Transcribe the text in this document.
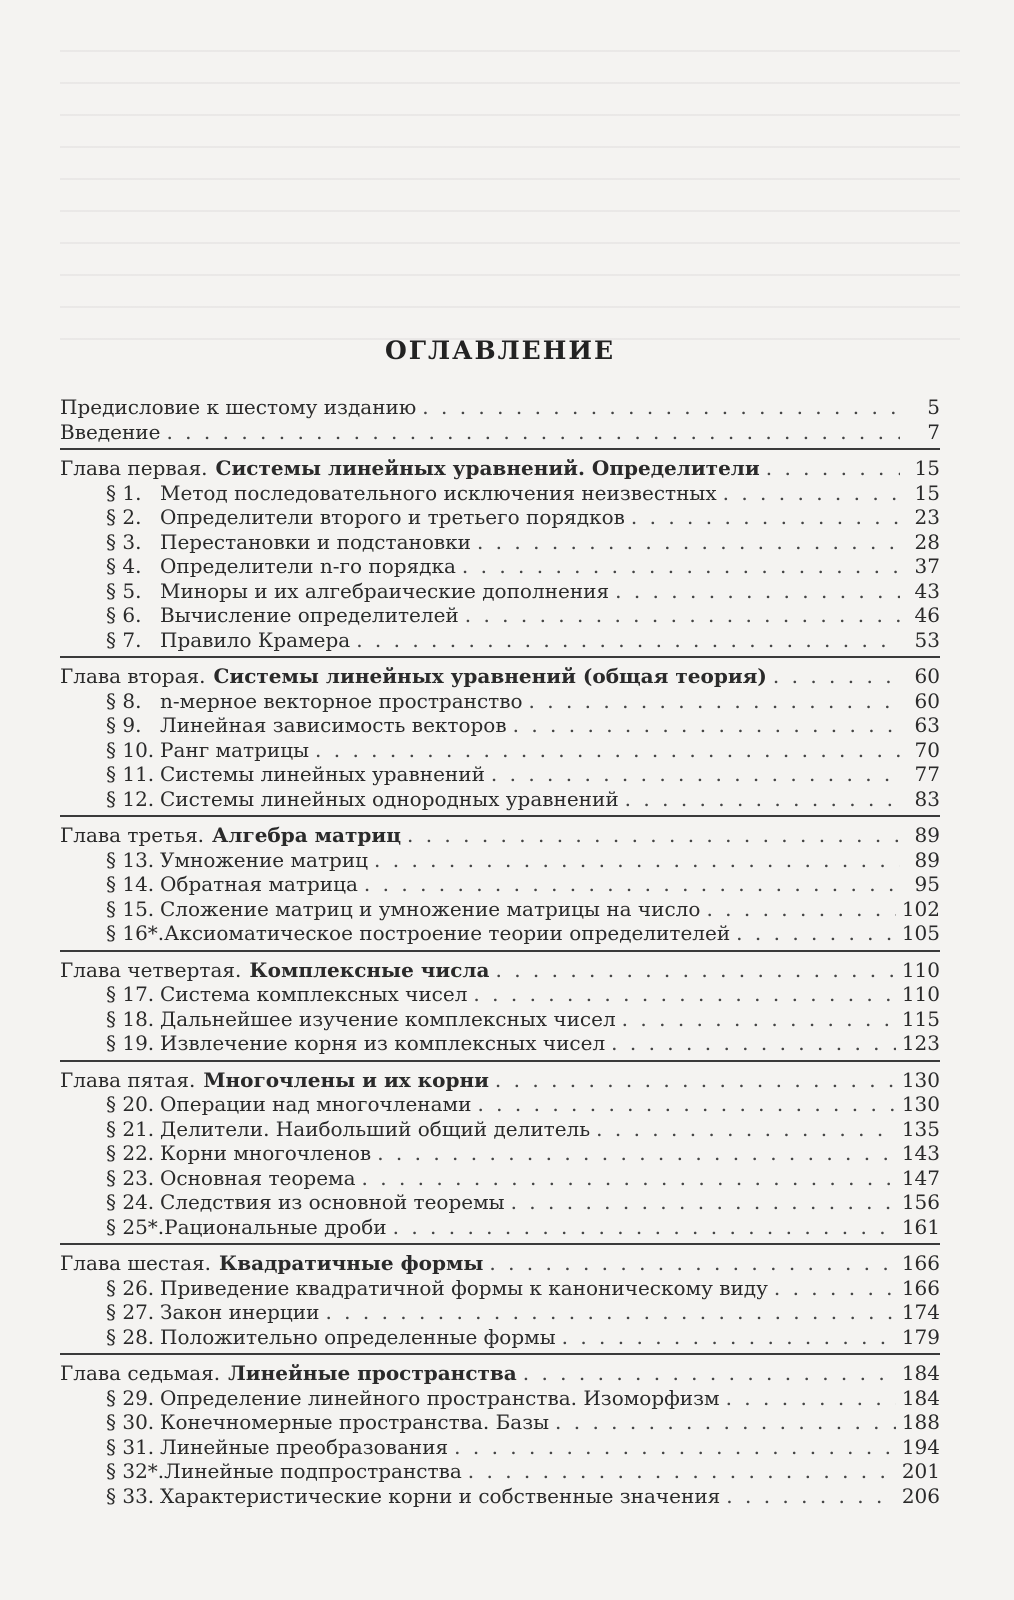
ОГЛАВЛЕНИЕ
Предисловие к шестому изданию . . .	5
Введение . . .	7
Глава первая. Системы линейных уравнений. Определители . . .	15
§ 1. Метод последовательного исключения неизвестных . . .	15
§ 2. Определители второго и третьего порядков . . .	23
§ 3. Перестановки и подстановки . . .	28
§ 4. Определители n-го порядка . . .	37
§ 5. Миноры и их алгебраические дополнения . . .	43
§ 6. Вычисление определителей . . .	46
§ 7. Правило Крамера . . .	53
Глава вторая. Системы линейных уравнений (общая теория) . . .	60
§ 8. n-мерное векторное пространство . . .	60
§ 9. Линейная зависимость векторов . . .	63
§ 10. Ранг матрицы . . .	70
§ 11. Системы линейных уравнений . . .	77
§ 12. Системы линейных однородных уравнений . . .	83
Глава третья. Алгебра матриц . . .	89
§ 13. Умножение матриц . . .	89
§ 14. Обратная матрица . . .	95
§ 15. Сложение матриц и умножение матрицы на число . . .	102
§ 16*. Аксиоматическое построение теории определителей . . .	105
Глава четвертая. Комплексные числа . . .	110
§ 17. Система комплексных чисел . . .	110
§ 18. Дальнейшее изучение комплексных чисел . . .	115
§ 19. Извлечение корня из комплексных чисел . . .	123
Глава пятая. Многочлены и их корни . . .	130
§ 20. Операции над многочленами . . .	130
§ 21. Делители. Наибольший общий делитель . . .	135
§ 22. Корни многочленов . . .	143
§ 23. Основная теорема . . .	147
§ 24. Следствия из основной теоремы . . .	156
§ 25*. Рациональные дроби . . .	161
Глава шестая. Квадратичные формы . . .	166
§ 26. Приведение квадратичной формы к каноническому виду . . .	166
§ 27. Закон инерции . . .	174
§ 28. Положительно определенные формы . . .	179
Глава седьмая. Линейные пространства . . .	184
§ 29. Определение линейного пространства. Изоморфизм . . .	184
§ 30. Конечномерные пространства. Базы . . .	188
§ 31. Линейные преобразования . . .	194
§ 32*. Линейные подпространства . . .	201
§ 33. Характеристические корни и собственные значения . . .	206
